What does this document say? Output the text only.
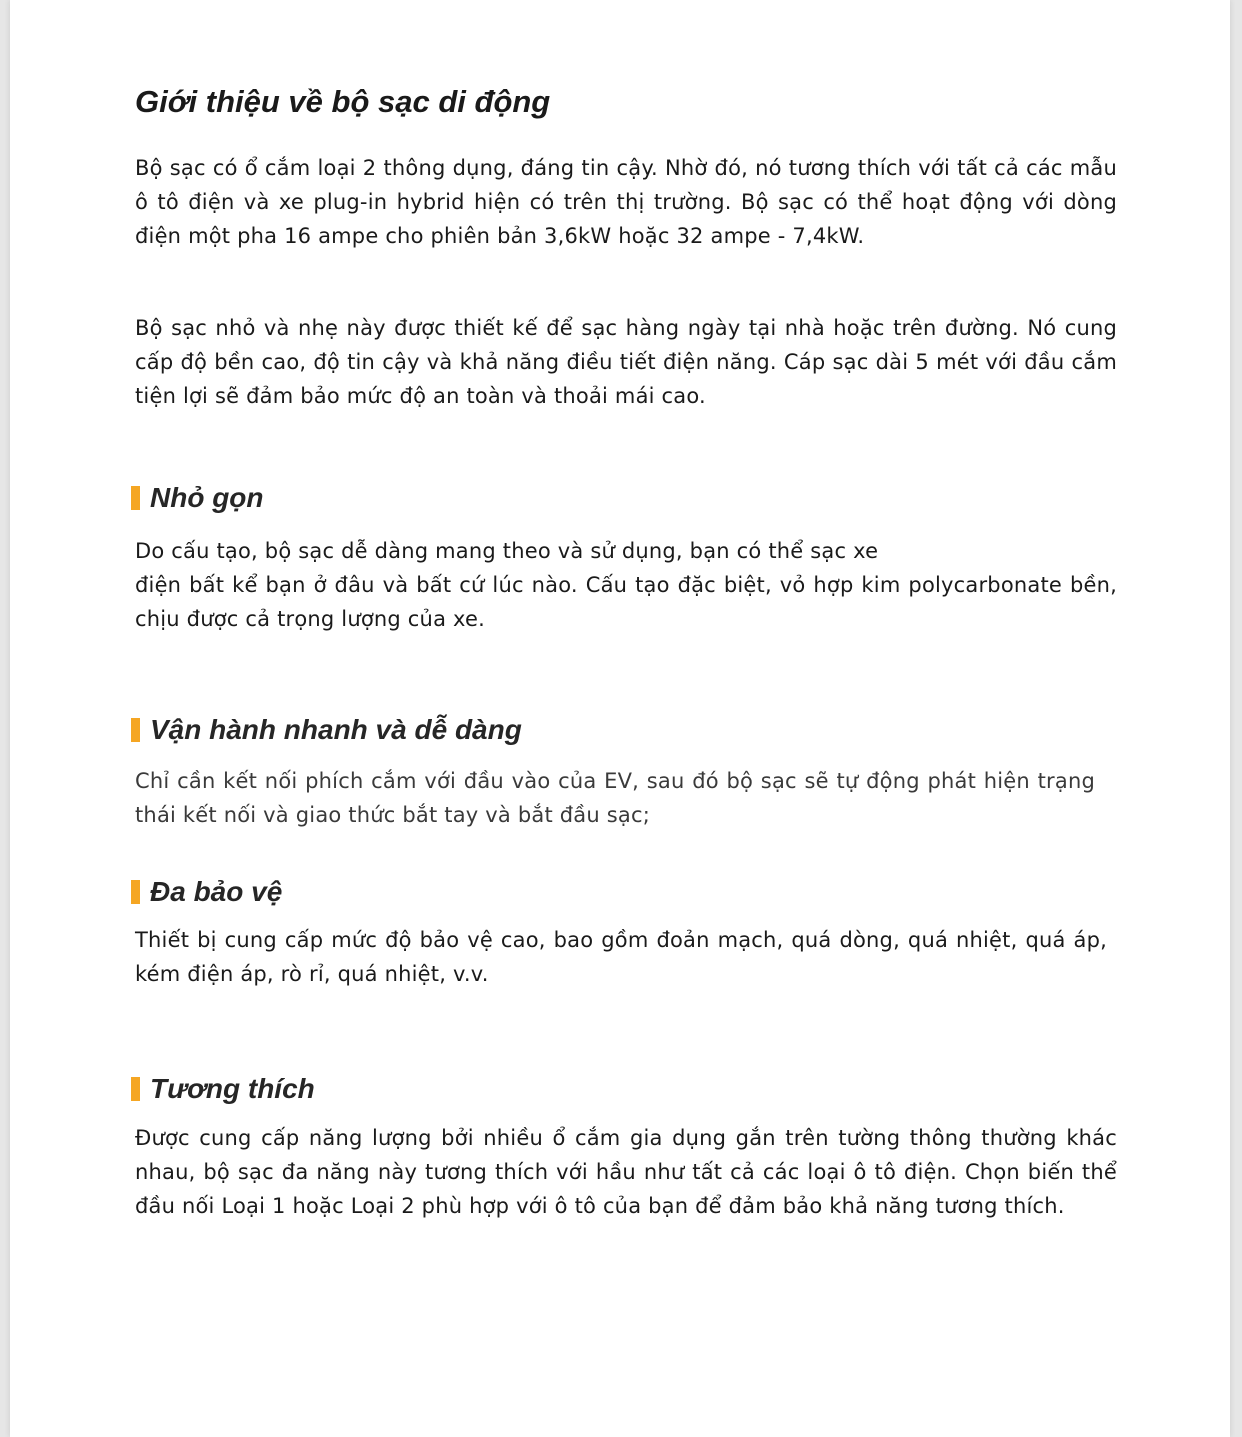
Giới thiệu về bộ sạc di động

Bộ sạc có ổ cắm loại 2 thông dụng, đáng tin cậy. Nhờ đó, nó tương thích với tất cả các mẫu ô tô điện và xe plug-in hybrid hiện có trên thị trường. Bộ sạc có thể hoạt động với dòng điện một pha 16 ampe cho phiên bản 3,6kW hoặc 32 ampe - 7,4kW.

Bộ sạc nhỏ và nhẹ này được thiết kế để sạc hàng ngày tại nhà hoặc trên đường. Nó cung cấp độ bền cao, độ tin cậy và khả năng điều tiết điện năng. Cáp sạc dài 5 mét với đầu cắm tiện lợi sẽ đảm bảo mức độ an toàn và thoải mái cao.

Nhỏ gọn

Do cấu tạo, bộ sạc dễ dàng mang theo và sử dụng, bạn có thể sạc xe

điện bất kể bạn ở đâu và bất cứ lúc nào. Cấu tạo đặc biệt, vỏ hợp kim polycarbonate bền, chịu được cả trọng lượng của xe.

Vận hành nhanh và dễ dàng

Chỉ cần kết nối phích cắm với đầu vào của EV, sau đó bộ sạc sẽ tự động phát hiện trạng thái kết nối và giao thức bắt tay và bắt đầu sạc;

Đa bảo vệ

Thiết bị cung cấp mức độ bảo vệ cao, bao gồm đoản mạch, quá dòng, quá nhiệt, quá áp, kém điện áp, rò rỉ, quá nhiệt, v.v.

Tương thích

Được cung cấp năng lượng bởi nhiều ổ cắm gia dụng gắn trên tường thông thường khác nhau, bộ sạc đa năng này tương thích với hầu như tất cả các loại ô tô điện. Chọn biến thể đầu nối Loại 1 hoặc Loại 2 phù hợp với ô tô của bạn để đảm bảo khả năng tương thích.
